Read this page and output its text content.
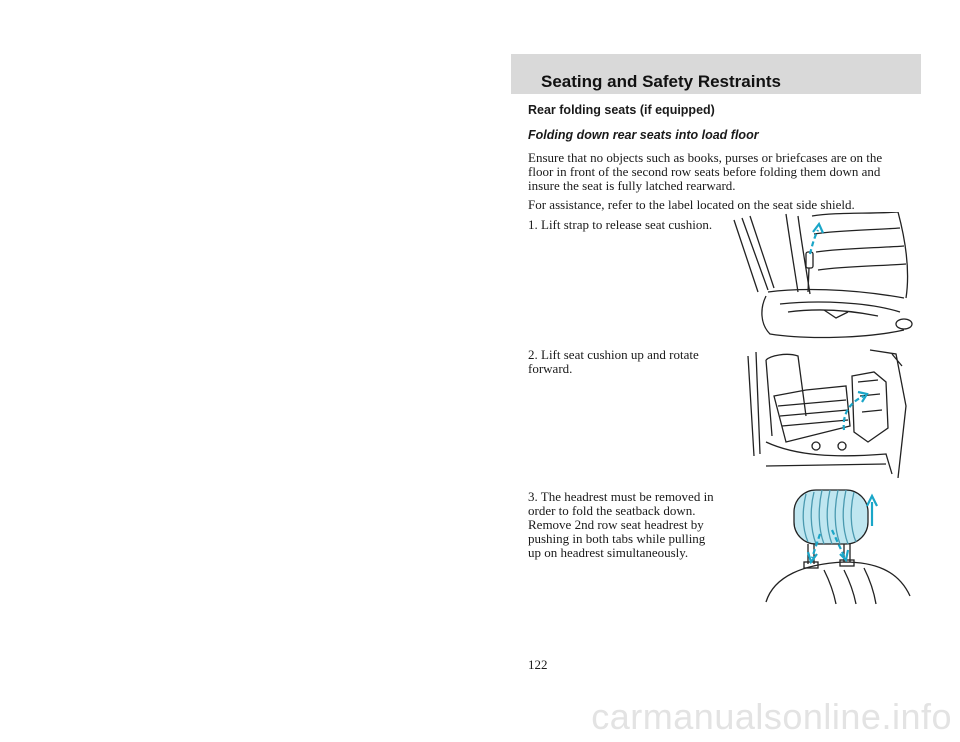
Seating and Safety Restraints
Rear folding seats (if equipped)
Folding down rear seats into load floor
Ensure that no objects such as books, purses or briefcases are on the
floor in front of the second row seats before folding them down and
insure the seat is fully latched rearward.
For assistance, refer to the label located on the seat side shield.
1. Lift strap to release seat cushion.
2. Lift seat cushion up and rotate
forward.
3. The headrest must be removed in
order to fold the seatback down.
Remove 2nd row seat headrest by
pushing in both tabs while pulling
up on headrest simultaneously.
122
carmanualsonline.info
